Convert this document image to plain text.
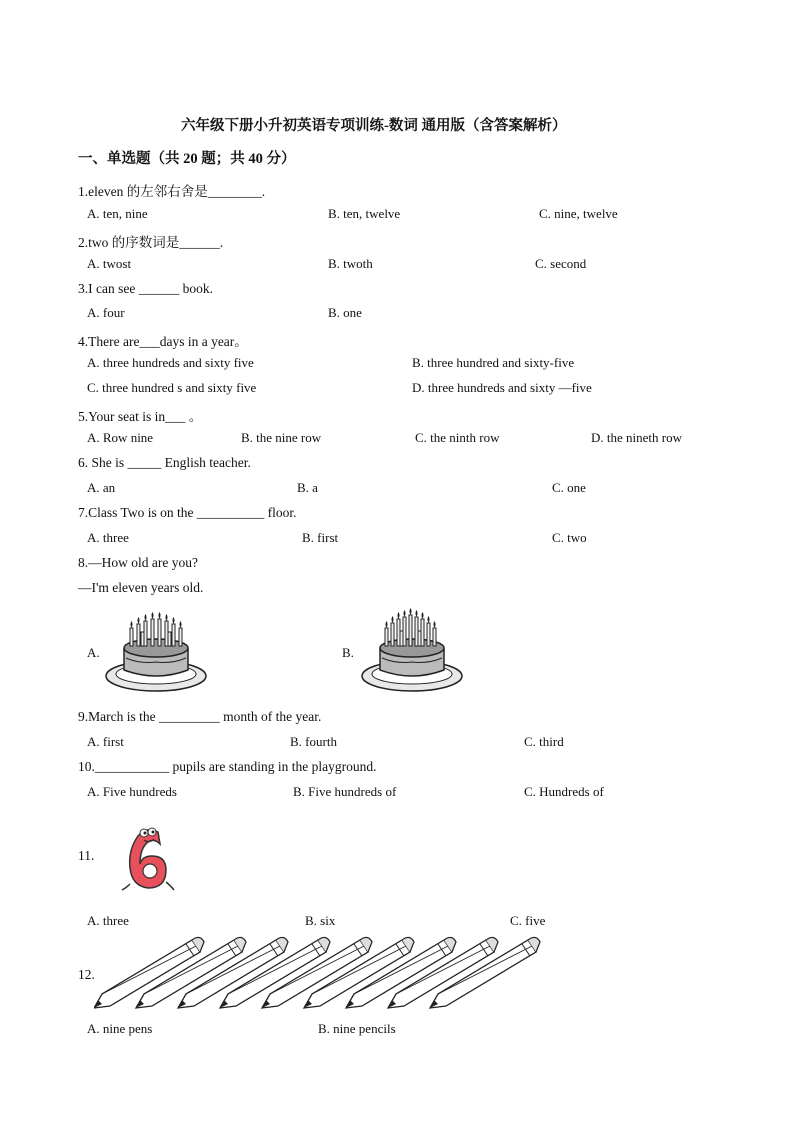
六年级下册小升初英语专项训练-数词 通用版（含答案解析）
一、单选题（共 20 题；共 40 分）
1.eleven 的左邻右舍是________.
A. ten, nine	B. ten, twelve	C. nine, twelve
2.two 的序数词是______.
A. twost	B. twoth	C. second
3.I can see ______ book.
A. four	B. one
4.There are___days in a year。
A. three hundreds and sixty five	B. three hundred and sixty-five
C. three hundred s and sixty five	D. three hundreds and sixty —five
5.Your seat is in___ 。
A. Row nine	B. the nine row	C. the ninth row	D. the nineth row
6. She is _____ English teacher.
A. an	B. a	C. one
7.Class Two is on the __________ floor.
A. three	B. first	C. two
8.—How old are you?
—I'm eleven years old.
A.	B.
9.March is the _________ month of the year.
A. first	B. fourth	C. third
10.___________ pupils are standing in the playground.
A. Five hundreds	B. Five hundreds of	C. Hundreds of
11.
A. three	B. six	C. five
12.
A. nine pens	B. nine pencils
